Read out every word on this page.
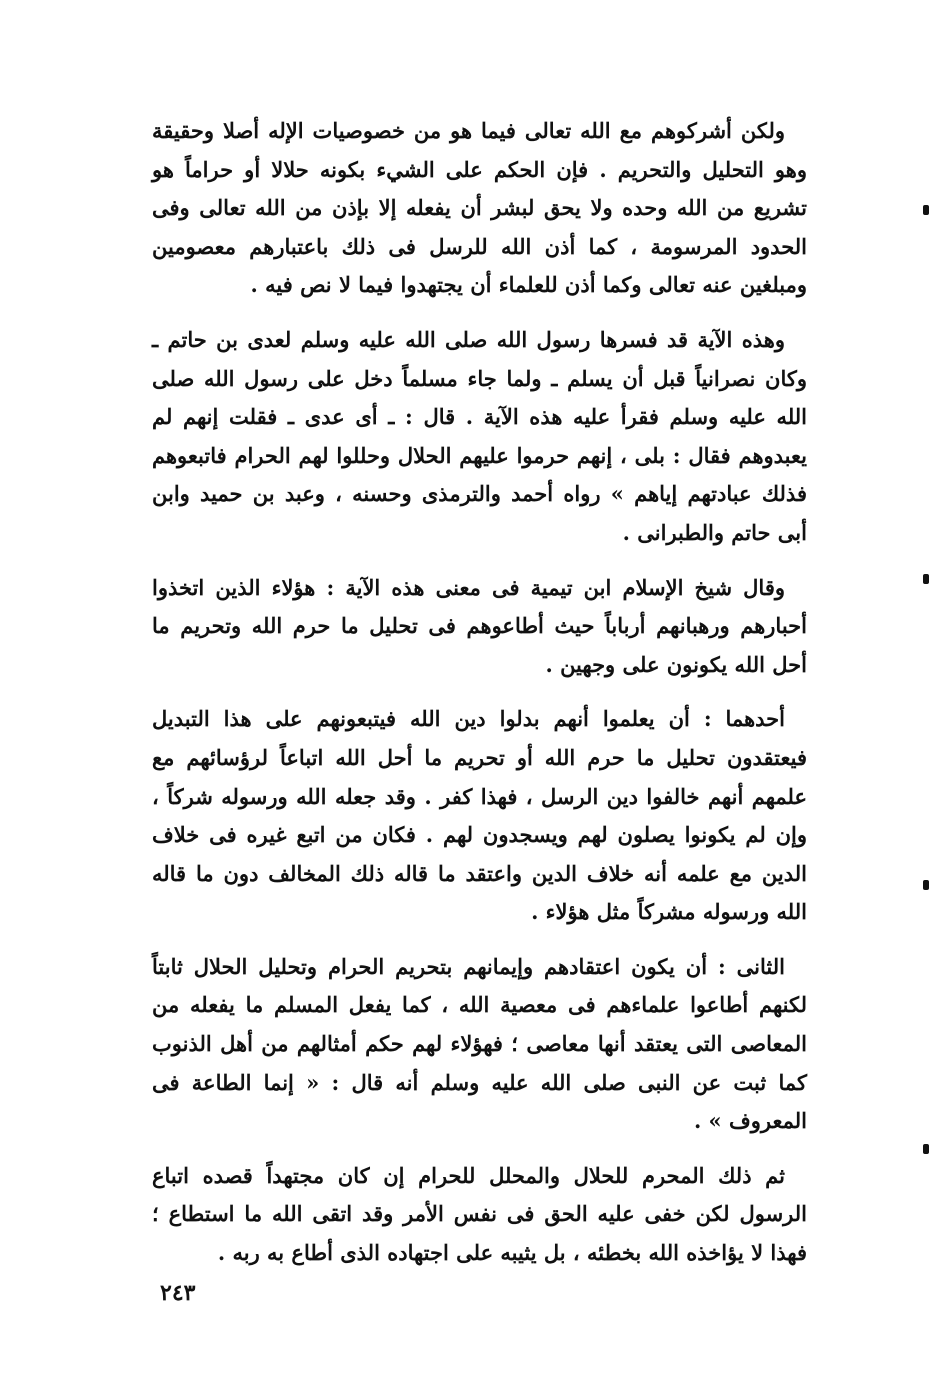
ولكن أشركوهم مع الله تعالى فيما هو من خصوصيات الإله أصلا وحقيقة وهو التحليل والتحريم . فإن الحكم على الشيء بكونه حلالا أو حراماً هو تشريع من الله وحده ولا يحق لبشر أن يفعله إلا بإذن من الله تعالى وفى الحدود المرسومة ، كما أذن الله للرسل فى ذلك باعتبارهم معصومين ومبلغين عنه تعالى وكما أذن للعلماء أن يجتهدوا فيما لا نص فيه .

وهذه الآية قد فسرها رسول الله صلى الله عليه وسلم لعدى بن حاتم ـ وكان نصرانياً قبل أن يسلم ـ ولما جاء مسلماً دخل على رسول الله صلى الله عليه وسلم فقرأ عليه هذه الآية . قال : ـ أى عدى ـ فقلت إنهم لم يعبدوهم فقال : بلى ، إنهم حرموا عليهم الحلال وحللوا لهم الحرام فاتبعوهم فذلك عبادتهم إياهم » رواه أحمد والترمذى وحسنه ، وعبد بن حميد وابن أبى حاتم والطبرانى .

وقال شيخ الإسلام ابن تيمية فى معنى هذه الآية : هؤلاء الذين اتخذوا أحبارهم ورهبانهم أرباباً حيث أطاعوهم فى تحليل ما حرم الله وتحريم ما أحل الله يكونون على وجهين .

أحدهما : أن يعلموا أنهم بدلوا دين الله فيتبعونهم على هذا التبديل فيعتقدون تحليل ما حرم الله أو تحريم ما أحل الله اتباعاً لرؤسائهم مع علمهم أنهم خالفوا دين الرسل ، فهذا كفر . وقد جعله الله ورسوله شركاً ، وإن لم يكونوا يصلون لهم ويسجدون لهم . فكان من اتبع غيره فى خلاف الدين مع علمه أنه خلاف الدين واعتقد ما قاله ذلك المخالف دون ما قاله الله ورسوله مشركاً مثل هؤلاء .

الثانى : أن يكون اعتقادهم وإيمانهم بتحريم الحرام وتحليل الحلال ثابتاً لكنهم أطاعوا علماءهم فى معصية الله ، كما يفعل المسلم ما يفعله من المعاصى التى يعتقد أنها معاصى ؛ فهؤلاء لهم حكم أمثالهم من أهل الذنوب كما ثبت عن النبى صلى الله عليه وسلم أنه قال : « إنما الطاعة فى المعروف » .

ثم ذلك المحرم للحلال والمحلل للحرام إن كان مجتهداً قصده اتباع الرسول لكن خفى عليه الحق فى نفس الأمر وقد اتقى الله ما استطاع ؛ فهذا لا يؤاخذه الله بخطئه ، بل يثيبه على اجتهاده الذى أطاع به ربه .

٢٤٣
